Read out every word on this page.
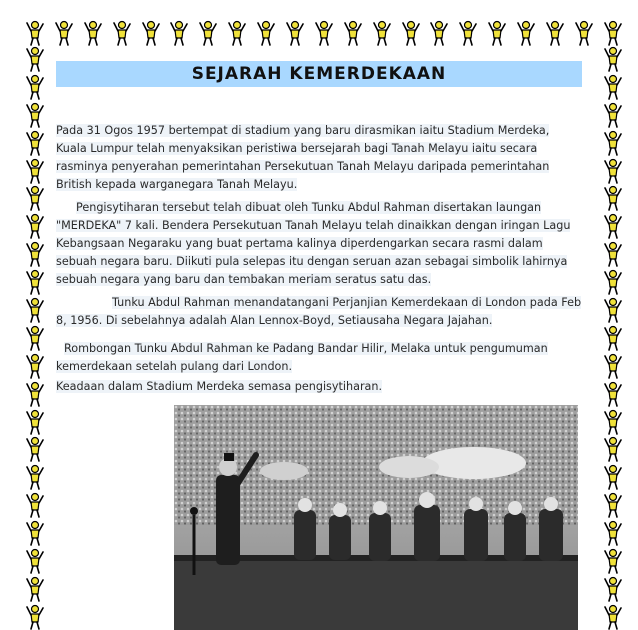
SEJARAH KEMERDEKAAN
Pada 31 Ogos 1957 bertempat di stadium yang baru dirasmikan iaitu Stadium Merdeka, Kuala Lumpur telah menyaksikan peristiwa bersejarah bagi Tanah Melayu iaitu secara rasminya penyerahan pemerintahan Persekutuan Tanah Melayu daripada pemerintahan British kepada warganegara Tanah Melayu.
Pengisytiharan tersebut telah dibuat oleh Tunku Abdul Rahman disertakan laungan "MERDEKA" 7 kali. Bendera Persekutuan Tanah Melayu telah dinaikkan dengan iringan Lagu Kebangsaan Negaraku yang buat pertama kalinya diperdengarkan secara rasmi dalam sebuah negara baru. Diikuti pula selepas itu dengan seruan azan sebagai simbolik lahirnya sebuah negara yang baru dan tembakan meriam seratus satu das.
Tunku Abdul Rahman menandatangani Perjanjian Kemerdekaan di London pada Feb 8, 1956. Di sebelahnya adalah Alan Lennox-Boyd, Setiausaha Negara Jajahan.
Rombongan Tunku Abdul Rahman ke Padang Bandar Hilir, Melaka untuk pengumuman kemerdekaan setelah pulang dari London.
Keadaan dalam Stadium Merdeka semasa pengisytiharan.
